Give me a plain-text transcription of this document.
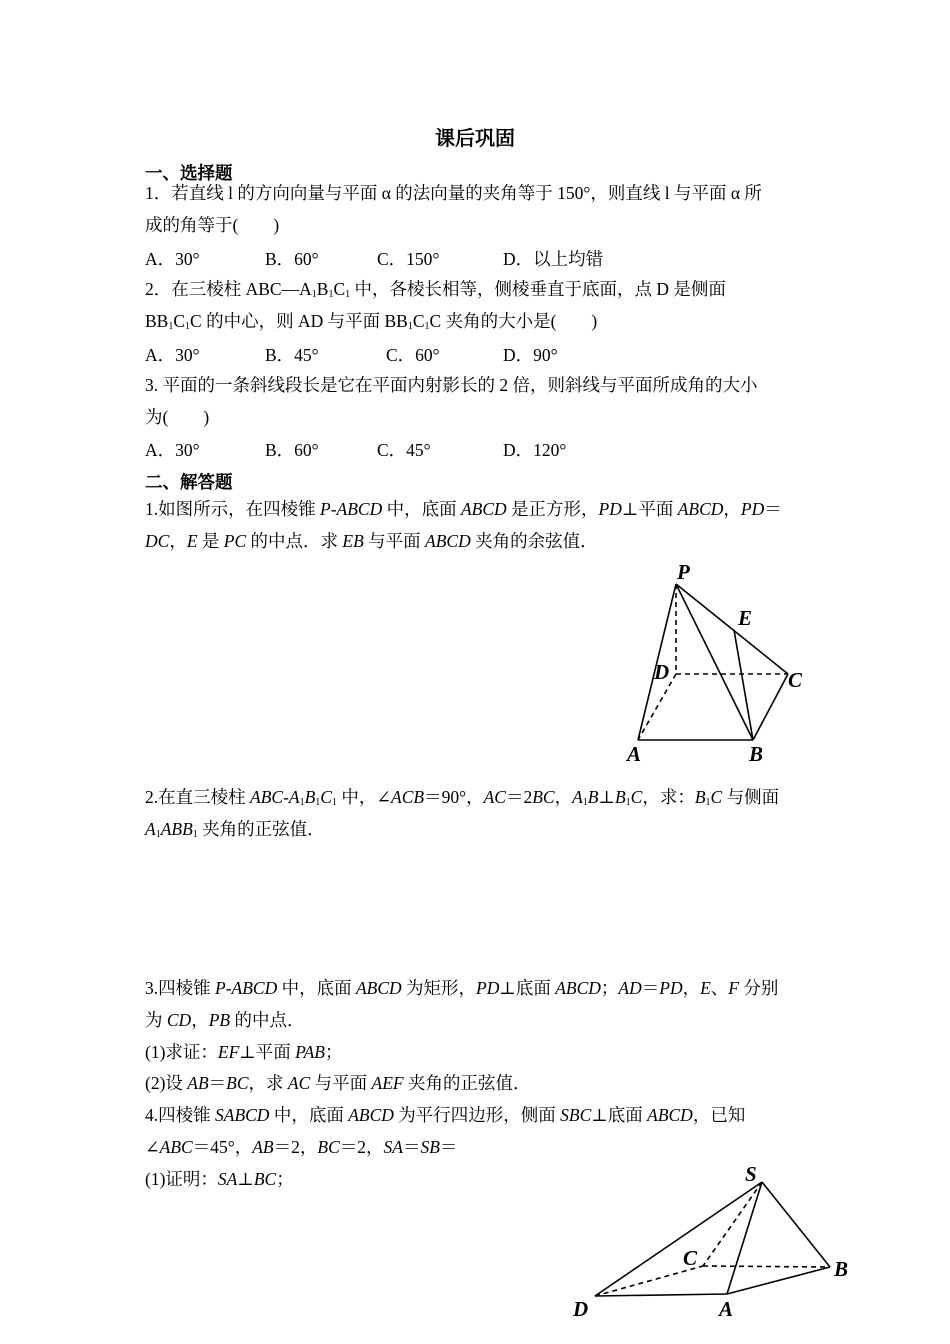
课后巩固
一、选择题
1．若直线 l 的方向向量与平面 α 的法向量的夹角等于 150°，则直线 l 与平面 α 所
成的角等于(　　)
A．30°	B．60°	C．150°	D．以上均错
2．在三棱柱 $ABC—A_1B_1C_1$ 中，各棱长相等，侧棱垂直于底面，点 D 是侧面
$BB_1C_1C$ 的中心，则 AD 与平面 $BB_1C_1C$ 夹角的大小是(　　)
A．30°	B．45°	C．60°	D．90°
3. 平面的一条斜线段长是它在平面内射影长的 2 倍，则斜线与平面所成角的大小
为(　　)
A．30°	B．60°	C．45°	D．120°
二、解答题
1.如图所示，在四棱锥 P-ABCD 中，底面 ABCD 是正方形，PD⊥平面 ABCD，PD＝
DC，E 是 PC 的中点．求 EB 与平面 ABCD 夹角的余弦值．
P
E
D	C
A	B
2.在直三棱柱 ABC-$A_1B_1C_1$ 中，∠ACB＝90°，AC＝2BC，$A_1B\perp B_1C$，求：$B_1C$ 与侧面
$A_1ABB_1$ 夹角的正弦值．
3.四棱锥 P-ABCD 中，底面 ABCD 为矩形，PD⊥底面 ABCD；AD＝PD，E、F 分别
为 CD，PB 的中点．
(1)求证：EF⊥平面 PAB；
(2)设 AB＝BC，求 AC 与平面 AEF 夹角的正弦值．
4.四棱锥 SABCD 中，底面 ABCD 为平行四边形，侧面 SBC⊥底面 ABCD，已知
∠ABC＝45°，AB＝2，BC＝2，SA＝SB＝
(1)证明：SA⊥BC；	S
C	B
D	A
